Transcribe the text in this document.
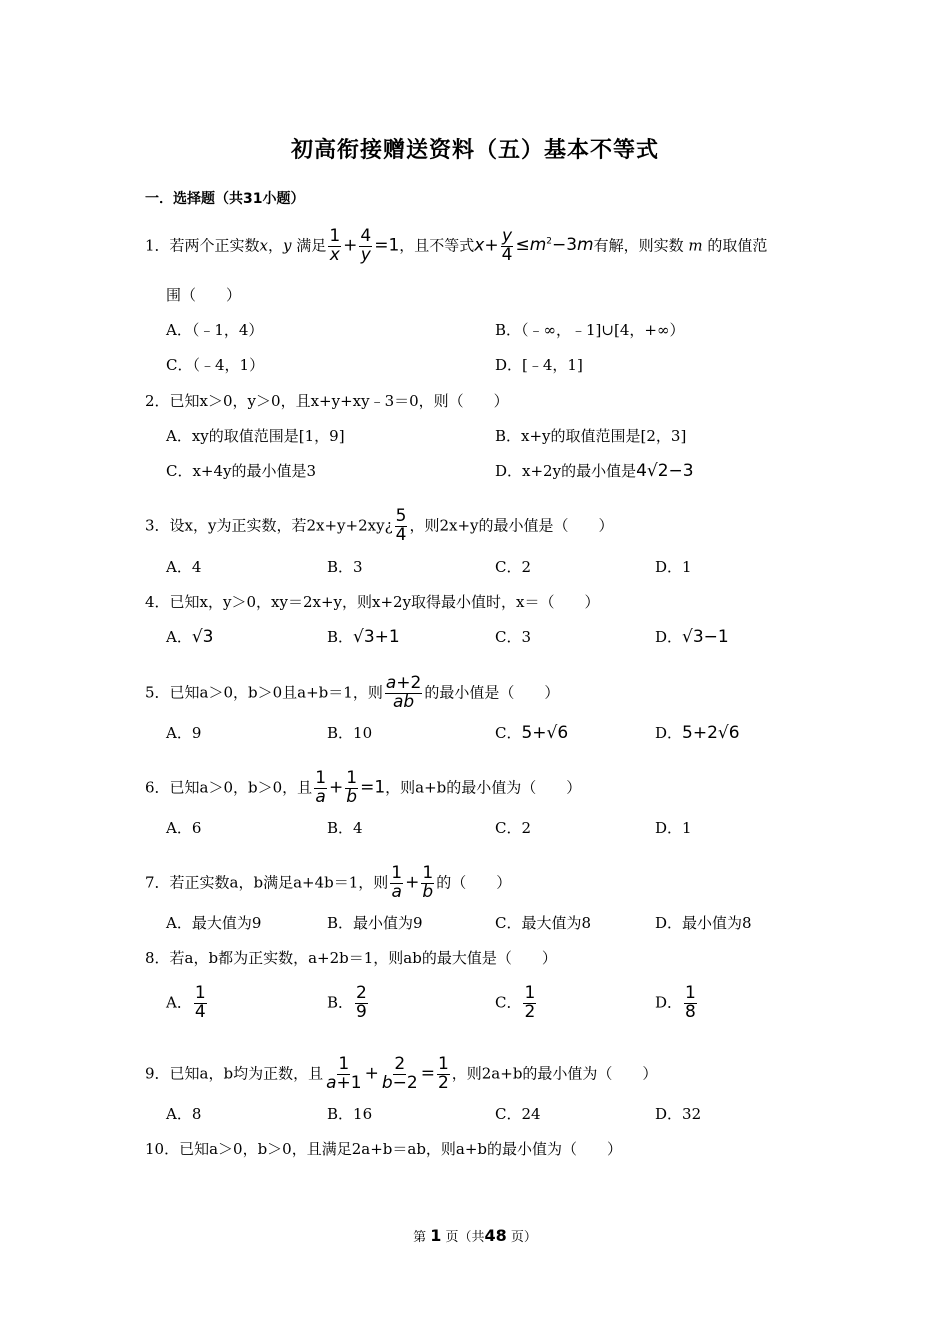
初高衔接赠送资料（五）基本不等式
一．选择题（共31小题）
1．若两个正实数x，y 满足 $\frac{1}{x} + \frac{4}{y} =1$，且不等式$x+ \frac{y}{4} \le m^2-3m$有解，则实数 m 的取值范
围（　　）
A．（﹣1，4）	B．（﹣∞，﹣1]∪[4，+∞）
C．（﹣4，1）	D．[﹣4，1]
2．已知x＞0，y＞0，且x+y+xy﹣3＝0，则（　　）
A．xy的取值范围是[1，9]	B．x+y的取值范围是[2，3]
C．x+4y的最小值是3	D．x+2y的最小值是4√2−3
3．设x，y为正实数，若2x+y+2xy¿ $\frac{5}{4}$ ，则2x+y的最小值是（　　）
A．4	B．3	C．2	D．1
4．已知x，y＞0，xy＝2x+y，则x+2y取得最小值时，x＝（　　）
A．√3	B．√3+1	C．3	D．√3−1
5．已知a＞0，b＞0且a+b＝1，则 $\frac{a+2}{ab}$ 的最小值是（　　）
A．9	B．10	C．5+√6	D．5+2√6
6．已知a＞0，b＞0，且 $\frac{1}{a} + \frac{1}{b} =1$，则a+b的最小值为（　　）
A．6	B．4	C．2	D．1
7．若正实数a，b满足a+4b＝1，则 $\frac{1}{a} + \frac{1}{b}$ 的（　　）
A．最大值为9	B．最小值为9	C．最大值为8	D．最小值为8
8．若a，b都为正实数，a+2b＝1，则ab的最大值是（　　）
A． $\frac{1}{4}$	B． $\frac{2}{9}$	C． $\frac{1}{2}$	D． $\frac{1}{8}$
9．已知a，b均为正数，且 $\frac{1}{a+1} + \frac{2}{b-2} = \frac{1}{2}$ ，则2a+b的最小值为（　　）
A．8	B．16	C．24	D．32
10．已知a＞0，b＞0，且满足2a+b＝ab，则a+b的最小值为（　　）
第 1 页（共48 页）
